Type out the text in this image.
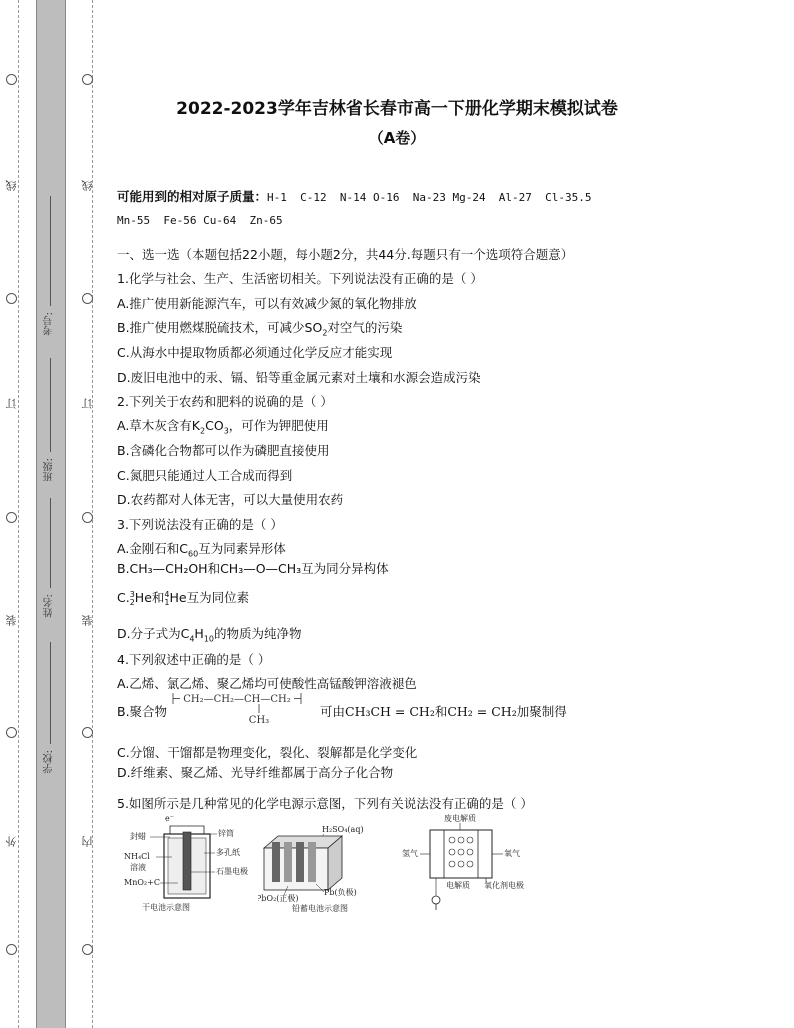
线
订
装
外
线
订
装
内
考号:
班级:
姓名:
学校:
2022-2023学年吉林省长春市高一下册化学期末模拟试卷
（A卷）
可能用到的相对原子质量：H-1  C-12  N-14 O-16  Na-23 Mg-24  Al-27  Cl-35.5
Mn-55  Fe-56 Cu-64  Zn-65
一、选一选（本题包括22小题，每小题2分，共44分.每题只有一个选项符合题意）
1.化学与社会、生产、生活密切相关。下列说法没有正确的是（ ）
A.推广使用新能源汽车，可以有效减少氮的氧化物排放
B.推广使用燃煤脱硫技术，可减少$SO_2$对空气的污染
C.从海水中提取物质都必须通过化学反应才能实现
D.废旧电池中的汞、镉、铅等重金属元素对土壤和水源会造成污染
2.下列关于农药和肥料的说确的是（ ）
A.草木灰含有$K_2CO_3$，可作为钾肥使用
B.含磷化合物都可以作为磷肥直接使用
C.氮肥只能通过人工合成而得到
D.农药都对人体无害，可以大量使用农药
3.下列说法没有正确的是（ ）
A.金刚石和$C_{60}$互为同素异形体
B.CH₃—CH₂OH和CH₃—O—CH₃互为同分异构体
C.3
2He和4
1He互为同位素
D.分子式为$C_4H_{10}$的物质为纯净物
4.下列叙述中正确的是（ ）
A.乙烯、氯乙烯、聚乙烯均可使酸性高锰酸钾溶液褪色
B.聚合物
CH₂—CH₂—CH—CH₂
CH₃
可由CH₃CH = CH₂和CH₂ = CH₂加聚制得
C.分馏、干馏都是物理变化，裂化、裂解都是化学变化
D.纤维素、聚乙烯、光导纤维都属于高分子化合物
5.如图所示是几种常见的化学电源示意图，下列有关说法没有正确的是（ ）
e⁻
封蜡
NH₄Cl
溶液
MnO₂+C
锌筒
多孔纸
石墨电极
干电池示意图
H₂SO₄(aq)
PbO₂(正极)
Pb(负极)
铅蓄电池示意图
废电解质
氢气	氧气
电解质 氧化剂电极
